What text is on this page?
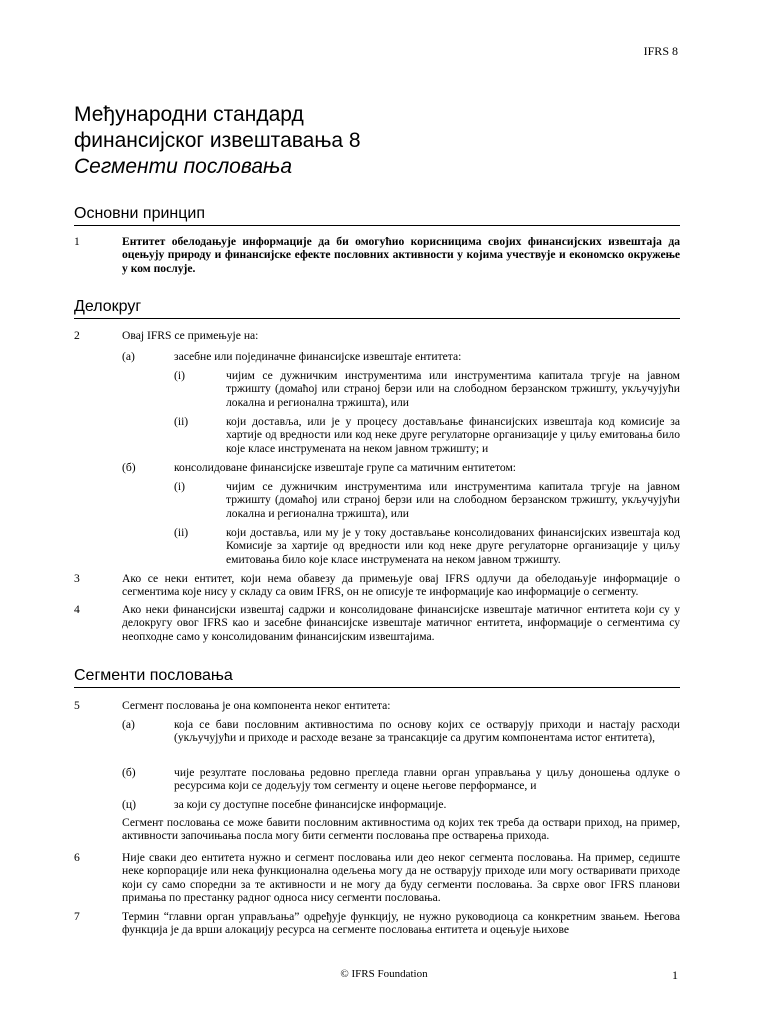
IFRS 8
Међународни стандард
финансијског извештавања 8
Сегменти пословања
Основни принцип
1	Ентитет обелодањује информације да би омогућио корисницима својих финансијских извештаја да оцењују природу и финансијске ефекте пословних активности у којима учествује и економско окружење у ком послује.
Делокруг
2	Овај IFRS се примењује на:
(а)	засебне или појединачне финансијске извештаје ентитета:
(i)	чијим се дужничким инструментима или инструментима капитала тргује на јавном тржишту (домаћој или страној берзи или на слободном берзанском тржишту, укључујући локална и регионална тржишта), или
(ii)	који доставља, или је у процесу достављање финансијских извештаја код комисије за хартије од вредности или код неке друге регулаторне организације у циљу емитовања било које класе инструмената на неком јавном тржишту; и
(б)	консолидоване финансијске извештаје групе са матичним ентитетом:
(i)	чијим се дужничким инструментима или инструментима капитала тргује на јавном тржишту (домаћој или страној берзи или на слободном берзанском тржишту, укључујући локална и регионална тржишта), или
(ii)	који доставља, или му је у току достављање консолидованих финансијских извештаја код Комисије за хартије од вредности или код неке друге регулаторне организације у циљу емитовања било које класе инструмената на неком јавном тржишту.
3	Ако се неки ентитет, који нема обавезу да примењује овај IFRS одлучи да обелодањује информације о сегментима које нису у складу са овим IFRS, он не описује те информације као информације о сегменту.
4	Ако неки финансијски извештај садржи и консолидоване финансијске извештаје матичног ентитета који су у делокругу овог IFRS као и засебне финансијске извештаје матичног ентитета, информације о сегментима су неопходне само у консолидованим финансијским извештајима.
Сегменти пословања
5	Сегмент пословања је она компонента неког ентитета:
(а)	која се бави пословним активностима по основу којих се остварују приходи и настају расходи (укључујући и приходе и расходе везане за трансакције са другим компонентама истог ентитета),
(б)	чије резултате пословања редовно прегледа главни орган управљања у циљу доношења одлуке о ресурсима који се додељују том сегменту и оцене његове перформансе, и
(ц)	за који су доступне посебне финансијске информације.
Сегмент пословања се може бавити пословним активностима од којих тек треба да оствари приход, на пример, активности започињања посла могу бити сегменти пословања пре остварења прихода.
6	Није сваки део ентитета нужно и сегмент пословања или део неког сегмента пословања. На пример, седиште неке корпорације или нека функционална одељења могу да не остварују приходе или могу остваривати приходе који су само споредни за те активности и не могу да буду сегменти пословања. За сврхе овог IFRS планови примања по престанку радног односа нису сегменти пословања.
7	Термин “главни орган управљања” одређује функцију, не нужно руководиоца са конкретним звањем. Његова функција је да врши алокацију ресурса на сегменте пословања ентитета и оцењује њихове
© IFRS Foundation	1
